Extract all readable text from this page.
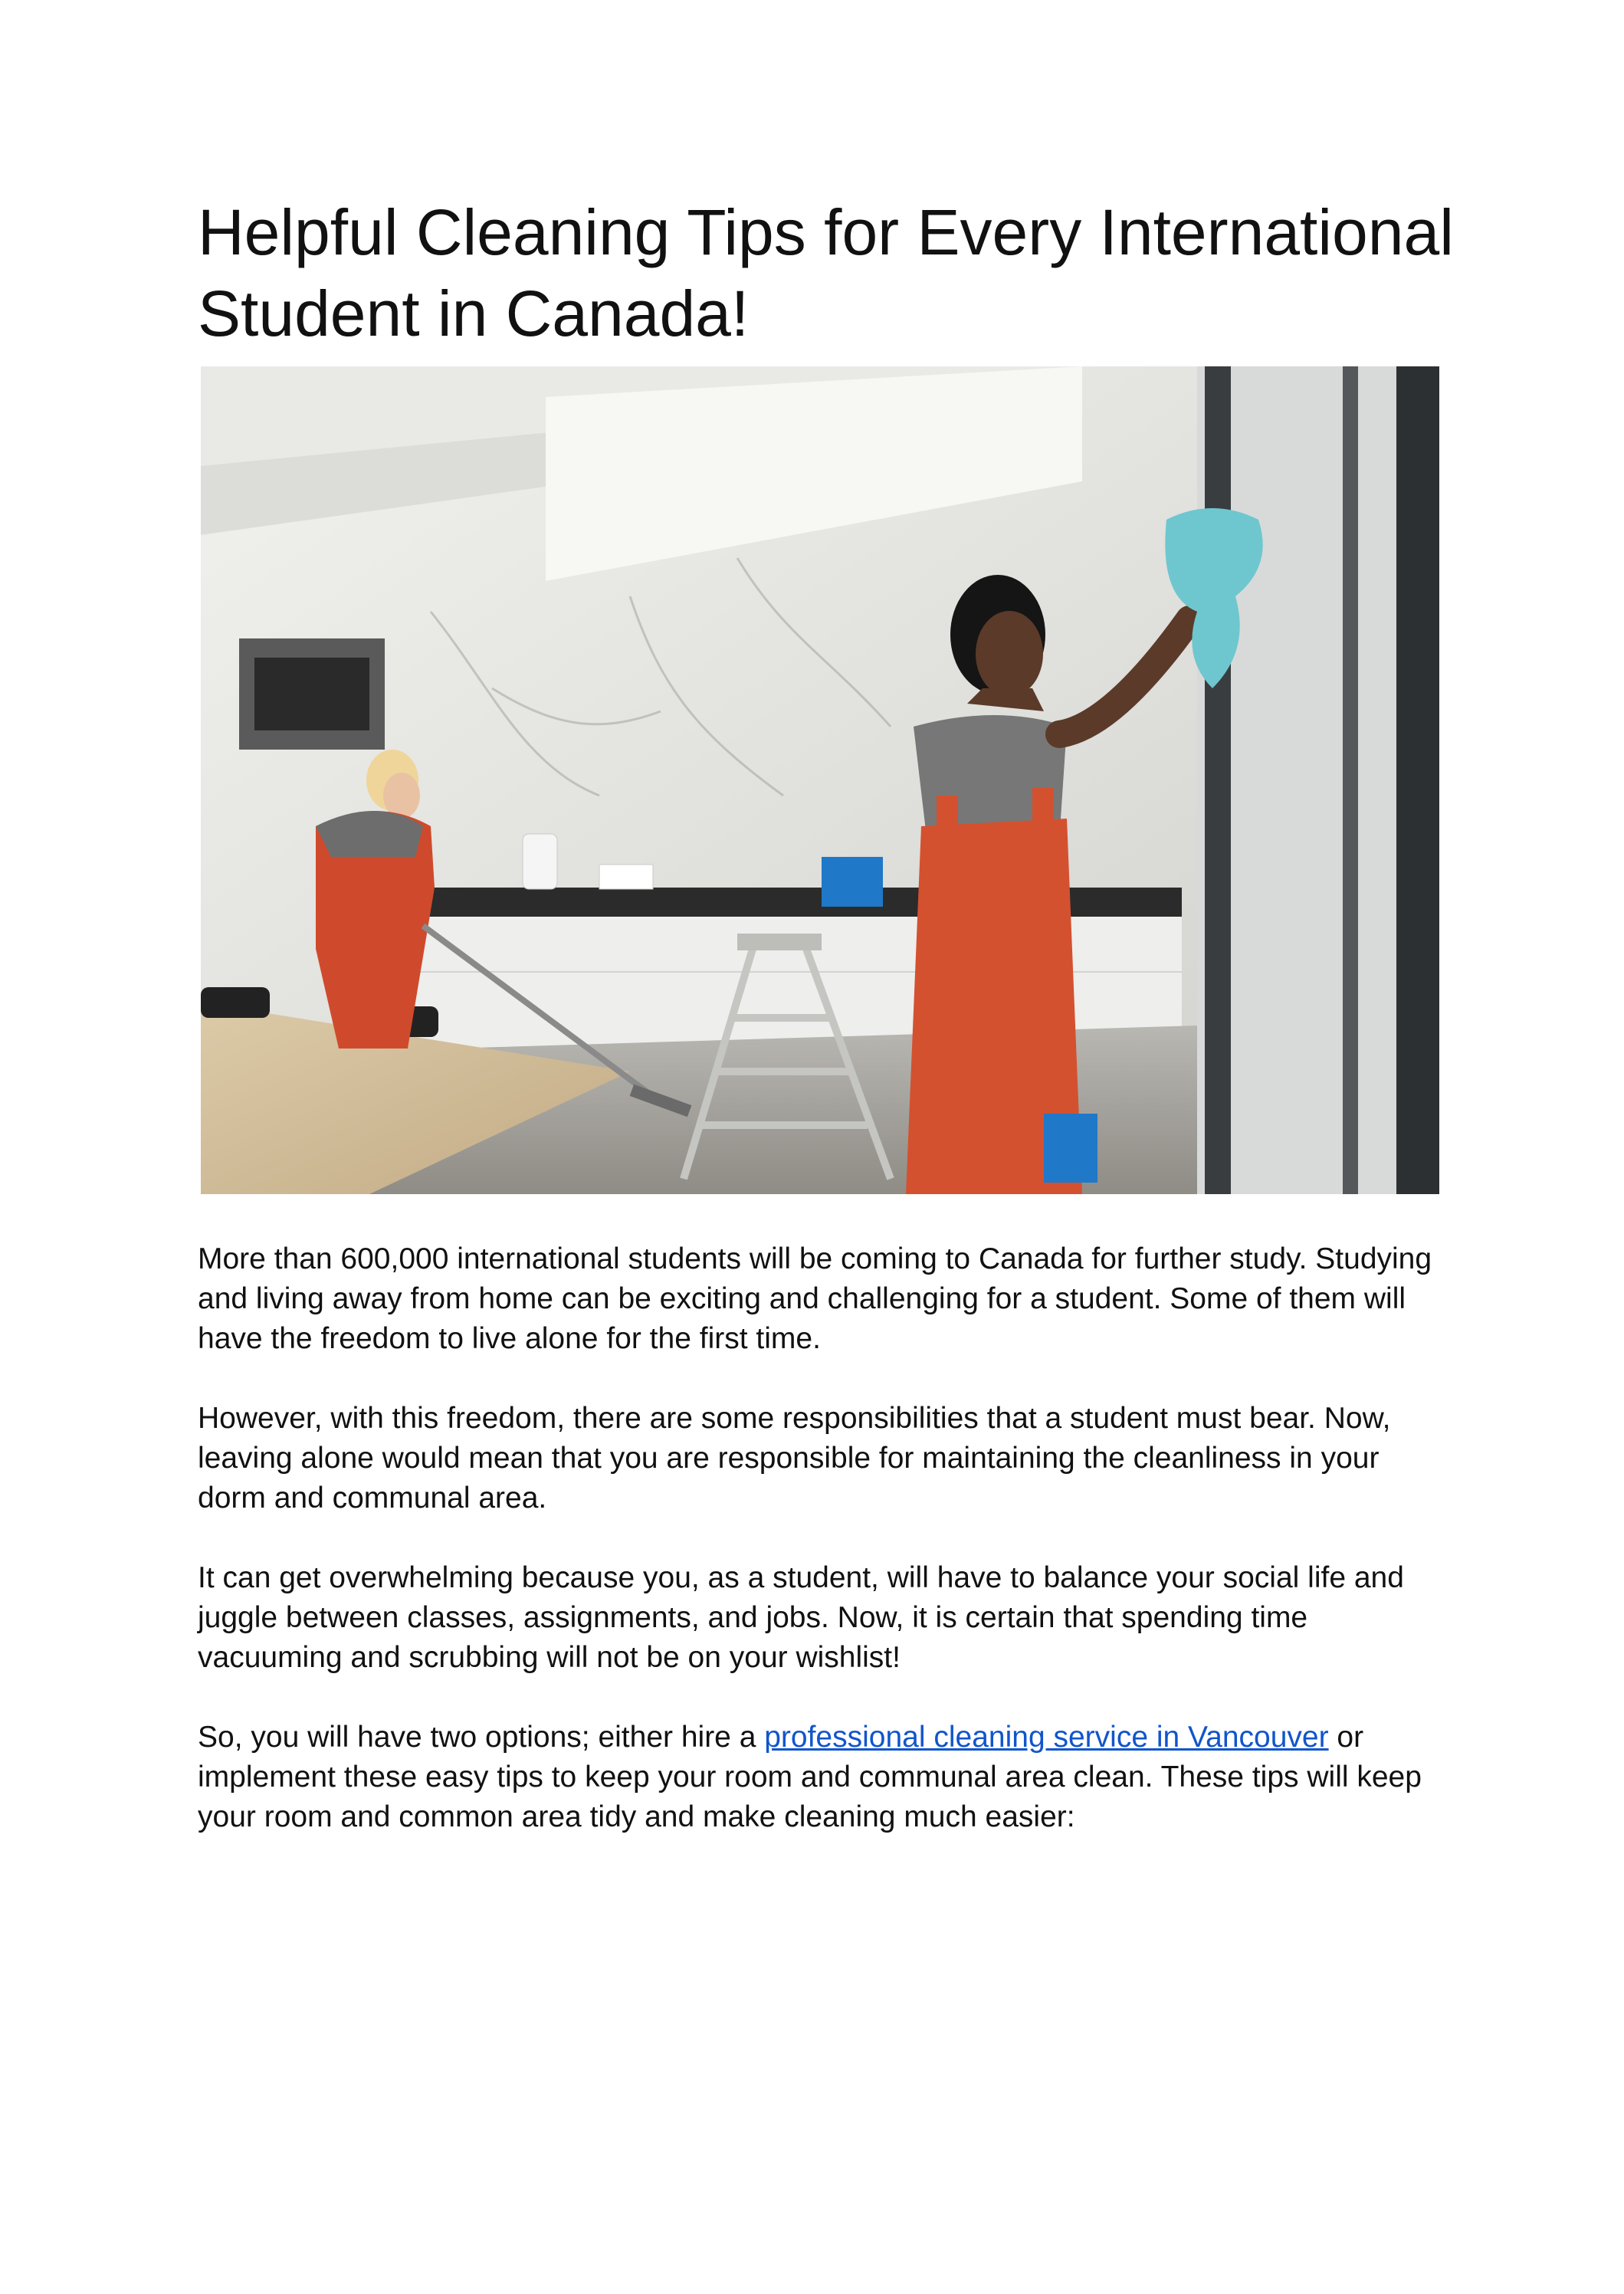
Helpful Cleaning Tips for Every International Student in Canada!

More than 600,000 international students will be coming to Canada for further study. Studying and living away from home can be exciting and challenging for a student. Some of them will have the freedom to live alone for the first time.

However, with this freedom, there are some responsibilities that a student must bear. Now, leaving alone would mean that you are responsible for maintaining the cleanliness in your dorm and communal area.

It can get overwhelming because you, as a student, will have to balance your social life and juggle between classes, assignments, and jobs. Now, it is certain that spending time vacuuming and scrubbing will not be on your wishlist!

So, you will have two options; either hire a professional cleaning service in Vancouver or implement these easy tips to keep your room and communal area clean. These tips will keep your room and common area tidy and make cleaning much easier:
